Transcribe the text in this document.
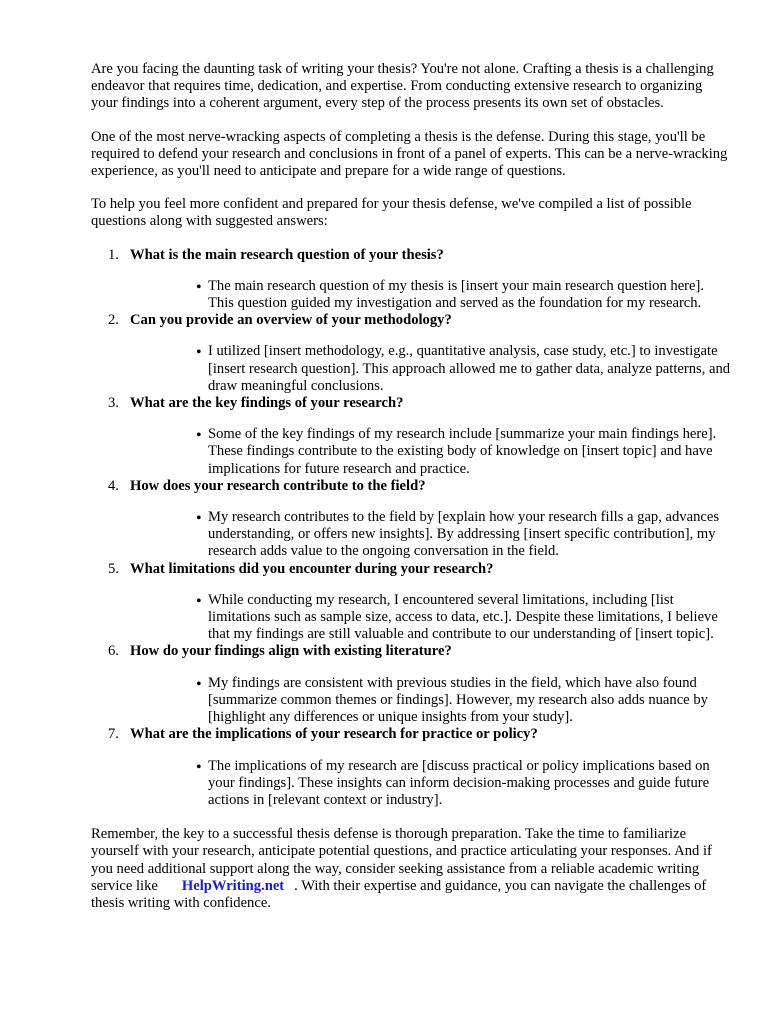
Are you facing the daunting task of writing your thesis? You're not alone. Crafting a thesis is a challenging endeavor that requires time, dedication, and expertise. From conducting extensive research to organizing your findings into a coherent argument, every step of the process presents its own set of obstacles.

One of the most nerve-wracking aspects of completing a thesis is the defense. During this stage, you'll be required to defend your research and conclusions in front of a panel of experts. This can be a nerve-wracking experience, as you'll need to anticipate and prepare for a wide range of questions.

To help you feel more confident and prepared for your thesis defense, we've compiled a list of possible questions along with suggested answers:

1. What is the main research question of your thesis?

• The main research question of my thesis is [insert your main research question here]. This question guided my investigation and served as the foundation for my research.

2. Can you provide an overview of your methodology?

• I utilized [insert methodology, e.g., quantitative analysis, case study, etc.] to investigate [insert research question]. This approach allowed me to gather data, analyze patterns, and draw meaningful conclusions.

3. What are the key findings of your research?

• Some of the key findings of my research include [summarize your main findings here]. These findings contribute to the existing body of knowledge on [insert topic] and have implications for future research and practice.

4. How does your research contribute to the field?

• My research contributes to the field by [explain how your research fills a gap, advances understanding, or offers new insights]. By addressing [insert specific contribution], my research adds value to the ongoing conversation in the field.

5. What limitations did you encounter during your research?

• While conducting my research, I encountered several limitations, including [list limitations such as sample size, access to data, etc.]. Despite these limitations, I believe that my findings are still valuable and contribute to our understanding of [insert topic].

6. How do your findings align with existing literature?

• My findings are consistent with previous studies in the field, which have also found [summarize common themes or findings]. However, my research also adds nuance by [highlight any differences or unique insights from your study].

7. What are the implications of your research for practice or policy?

• The implications of my research are [discuss practical or policy implications based on your findings]. These insights can inform decision-making processes and guide future actions in [relevant context or industry].

Remember, the key to a successful thesis defense is thorough preparation. Take the time to familiarize yourself with your research, anticipate potential questions, and practice articulating your responses. And if you need additional support along the way, consider seeking assistance from a reliable academic writing service like HelpWriting.net . With their expertise and guidance, you can navigate the challenges of thesis writing with confidence.
